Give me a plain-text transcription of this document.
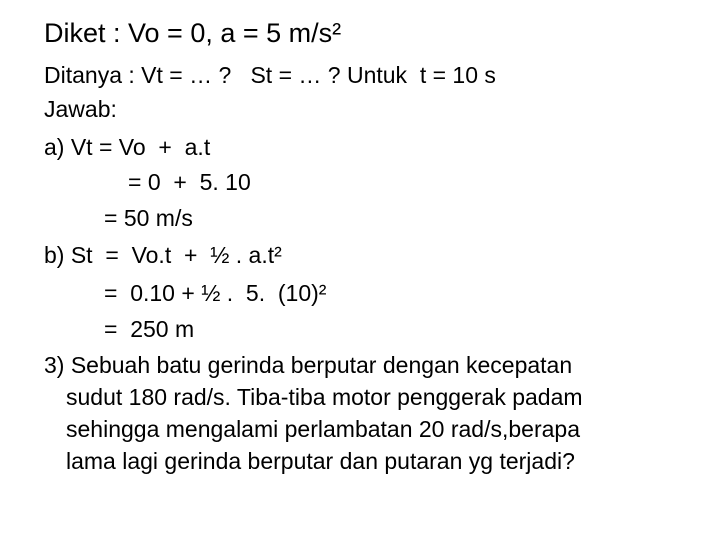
Diket : Vo = 0, a = 5 m/s²
Ditanya : Vt = … ?   St = … ? Untuk  t = 10 s
Jawab:
a) Vt = Vo  +  a.t
= 0  +  5. 10
= 50 m/s
b) St  =  Vo.t  +  ½ . a.t²
=  0.10 + ½ .  5.  (10)²
=  250 m
3) Sebuah batu gerinda berputar dengan kecepatan
sudut 180 rad/s. Tiba-tiba motor penggerak padam
sehingga mengalami perlambatan 20 rad/s,berapa
lama lagi gerinda berputar dan putaran yg terjadi?
